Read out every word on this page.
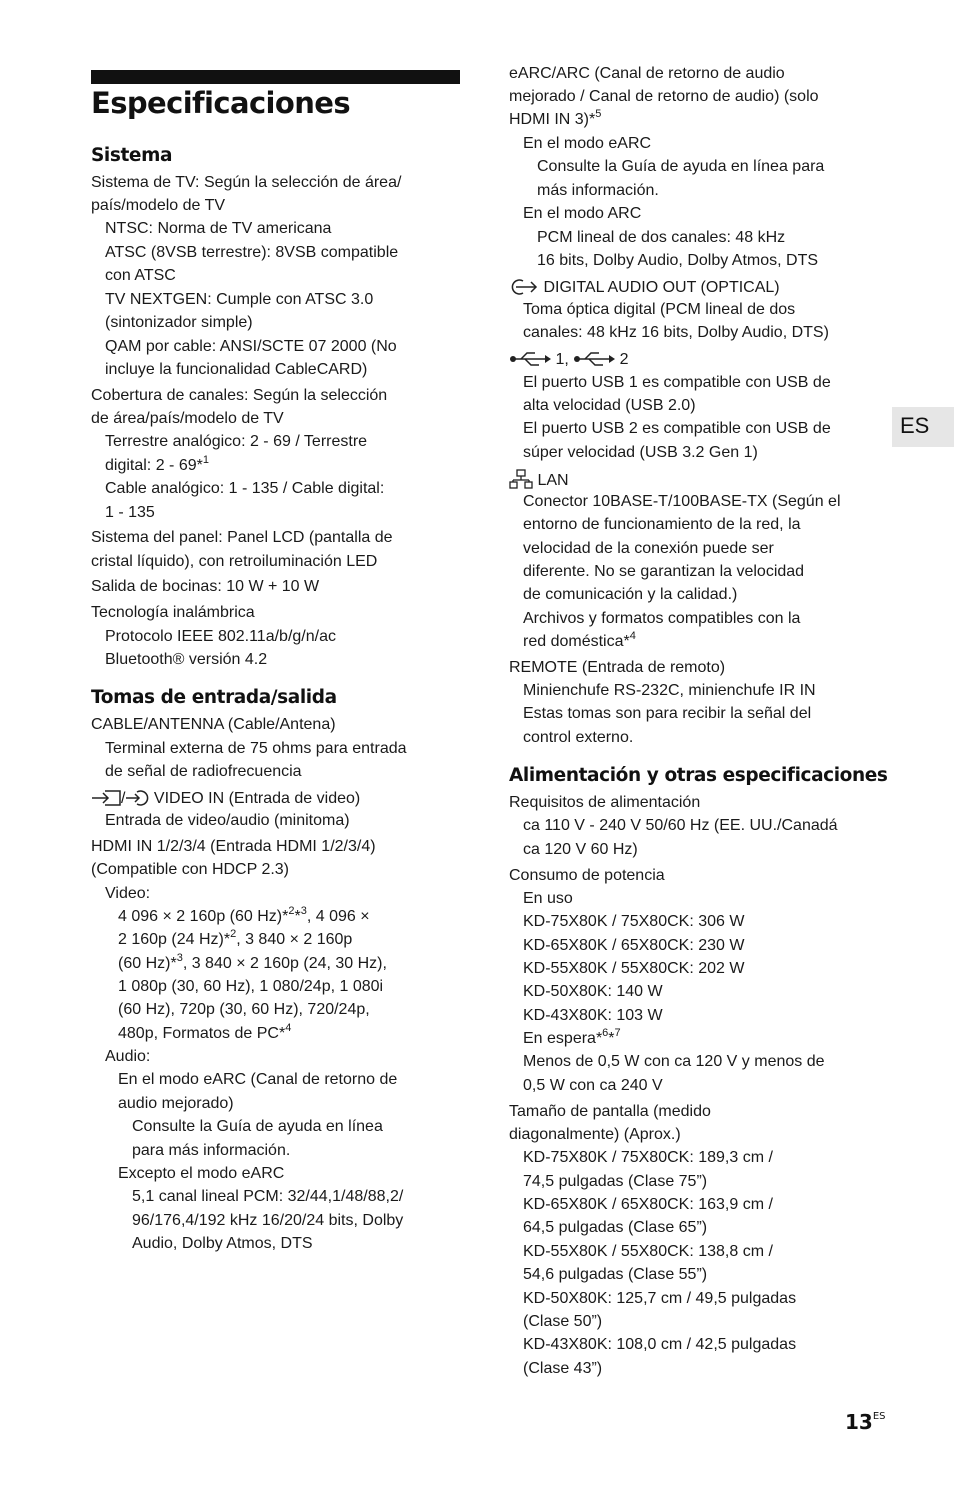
Especificaciones
Sistema
Sistema de TV: Según la selección de área/
país/modelo de TV
NTSC: Norma de TV americana
ATSC (8VSB terrestre): 8VSB compatible
con ATSC
TV NEXTGEN: Cumple con ATSC 3.0
(sintonizador simple)
QAM por cable: ANSI/SCTE 07 2000 (No
incluye la funcionalidad CableCARD)
Cobertura de canales: Según la selección
de área/país/modelo de TV
Terrestre analógico: 2 - 69 / Terrestre
digital: 2 - 69*$^1$
Cable analógico: 1 - 135 / Cable digital:
1 - 135
Sistema del panel: Panel LCD (pantalla de
cristal líquido), con retroiluminación LED
Salida de bocinas: 10 W + 10 W
Tecnología inalámbrica
Protocolo IEEE 802.11a/b/g/n/ac
Bluetooth® versión 4.2
Tomas de entrada/salida
CABLE/ANTENNA (Cable/Antena)
Terminal externa de 75 ohms para entrada
de señal de radiofrecuencia
/ VIDEO IN (Entrada de video)
Entrada de video/audio (minitoma)
HDMI IN 1/2/3/4 (Entrada HDMI 1/2/3/4)
(Compatible con HDCP 2.3)
Video:
4 096 × 2 160p (60 Hz)*$^2$*$^3$, 4 096 ×
2 160p (24 Hz)*$^2$, 3 840 × 2 160p
(60 Hz)*$^3$, 3 840 × 2 160p (24, 30 Hz),
1 080p (30, 60 Hz), 1 080/24p, 1 080i
(60 Hz), 720p (30, 60 Hz), 720/24p,
480p, Formatos de PC*$^4$
Audio:
En el modo eARC (Canal de retorno de
audio mejorado)
Consulte la Guía de ayuda en línea
para más información.
Excepto el modo eARC
5,1 canal lineal PCM: 32/44,1/48/88,2/
96/176,4/192 kHz 16/20/24 bits, Dolby
Audio, Dolby Atmos, DTS
eARC/ARC (Canal de retorno de audio
mejorado / Canal de retorno de audio) (solo
HDMI IN 3)*$^5$
En el modo eARC
Consulte la Guía de ayuda en línea para
más información.
En el modo ARC
PCM lineal de dos canales: 48 kHz
16 bits, Dolby Audio, Dolby Atmos, DTS
DIGITAL AUDIO OUT (OPTICAL)
Toma óptica digital (PCM lineal de dos
canales: 48 kHz 16 bits, Dolby Audio, DTS)
1,	2
El puerto USB 1 es compatible con USB de
alta velocidad (USB 2.0)
El puerto USB 2 es compatible con USB de
súper velocidad (USB 3.2 Gen 1)
LAN
Conector 10BASE-T/100BASE-TX (Según el
entorno de funcionamiento de la red, la
velocidad de la conexión puede ser
diferente. No se garantizan la velocidad
de comunicación y la calidad.)
Archivos y formatos compatibles con la
red doméstica*$^4$
REMOTE (Entrada de remoto)
Minienchufe RS-232C, minienchufe IR IN
Estas tomas son para recibir la señal del
control externo.
Alimentación y otras especificaciones
Requisitos de alimentación
ca 110 V - 240 V 50/60 Hz (EE. UU./Canadá
ca 120 V 60 Hz)
Consumo de potencia
En uso
KD-75X80K / 75X80CK: 306 W
KD-65X80K / 65X80CK: 230 W
KD-55X80K / 55X80CK: 202 W
KD-50X80K: 140 W
KD-43X80K: 103 W
En espera*$^6$*$^7$
Menos de 0,5 W con ca 120 V y menos de
0,5 W con ca 240 V
Tamaño de pantalla (medido
diagonalmente) (Aprox.)
KD-75X80K / 75X80CK: 189,3 cm /
74,5 pulgadas (Clase 75”)
KD-65X80K / 65X80CK: 163,9 cm /
64,5 pulgadas (Clase 65”)
KD-55X80K / 55X80CK: 138,8 cm /
54,6 pulgadas (Clase 55”)
KD-50X80K: 125,7 cm / 49,5 pulgadas
(Clase 50”)
KD-43X80K: 108,0 cm / 42,5 pulgadas
(Clase 43”)
ES
$13^{ES}$
